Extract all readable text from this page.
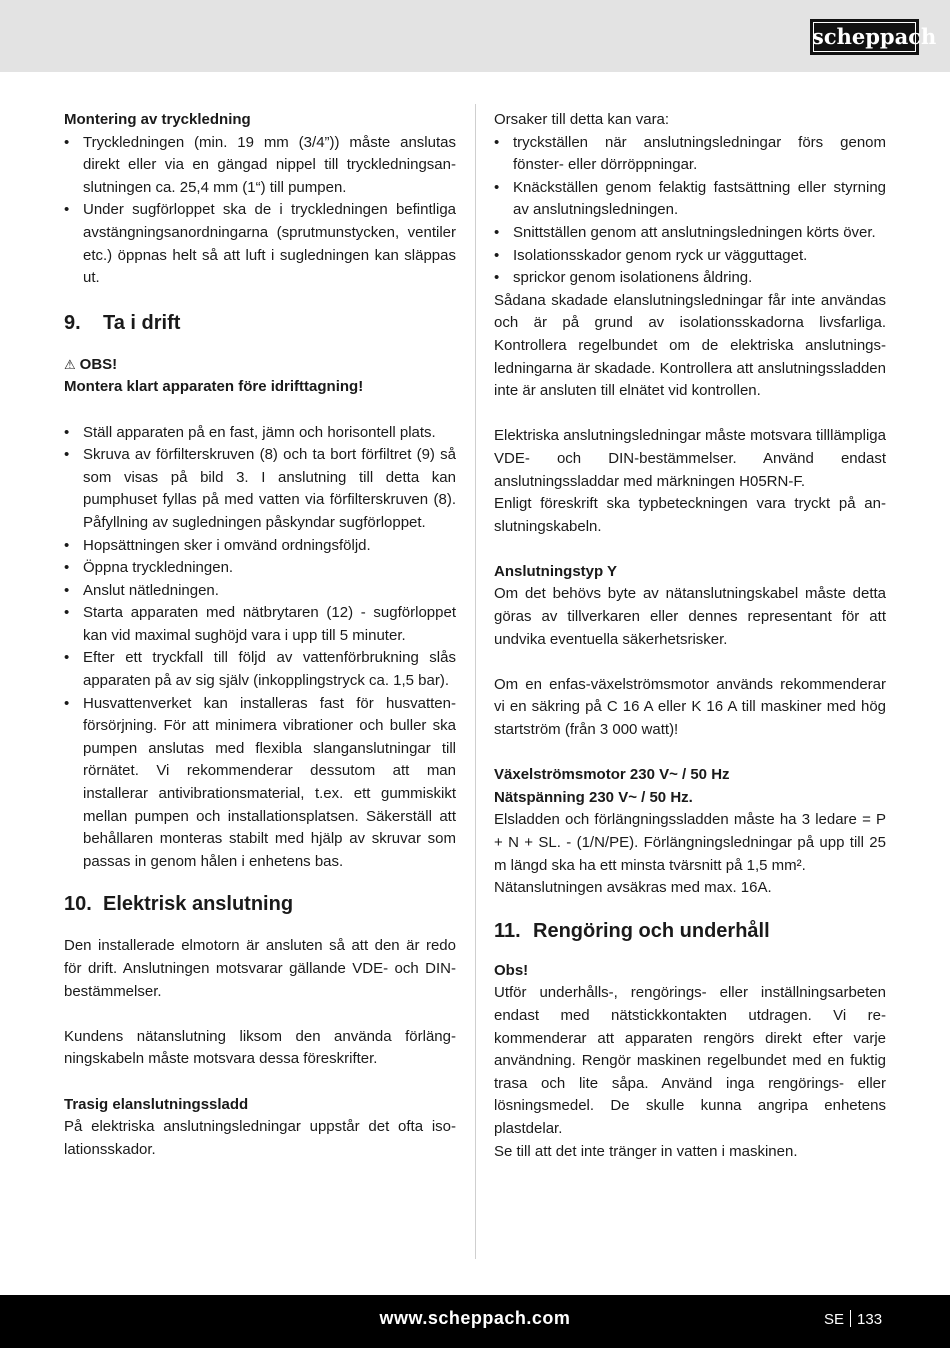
scheppach

Montering av tryckledning

• Tryckledningen (min. 19 mm (3/4”)) måste anslutas direkt eller via en gängad nippel till tryckledningsanslutningen ca. 25,4 mm (1“) till pumpen.
• Under sugförloppet ska de i tryckledningen befintliga avstängningsanordningarna (sprutmunstycken, ventiler etc.) öppnas helt så att luft i sugledningen kan släppas ut.
9.	Ta i drift

⚠ OBS!

Montera klart apparaten före idrifttagning!

• Ställ apparaten på en fast, jämn och horisontell plats.
• Skruva av förfilterskruven (8) och ta bort förfiltret (9) så som visas på bild 3. I anslutning till detta kan pumphuset fyllas på med vatten via förfilterskruven (8). Påfyllning av sugledningen påskyndar sugförloppet.
• Hopsättningen sker i omvänd ordningsföljd.
• Öppna tryckledningen.
• Anslut nätledningen.
• Starta apparaten med nätbrytaren (12) - sugförloppet kan vid maximal sughöjd vara i upp till 5 minuter.
• Efter ett tryckfall till följd av vattenförbrukning slås apparaten på av sig själv (inkopplingstryck ca. 1,5 bar).
• Husvattenverket kan installeras fast för husvattenförsörjning. För att minimera vibrationer och buller ska pumpen anslutas med flexibla slanganslutningar till rörnätet. Vi rekommenderar dessutom att man installerar antivibrationsmaterial, t.ex. ett gummiskikt mellan pumpen och installationsplatsen. Säkerställ att behållaren monteras stabilt med hjälp av skruvar som passas in genom hålen i enhetens bas.
10. Elektrisk anslutning

Den installerade elmotorn är ansluten så att den är redo för drift. Anslutningen motsvarar gällande VDE- och DIN-bestämmelser.

Kundens nätanslutning liksom den använda förlängningskabeln måste motsvara dessa föreskrifter.

Trasig elanslutningssladd

På elektriska anslutningsledningar uppstår det ofta isolationsskador.

Orsaker till detta kan vara:

• tryckställen när anslutningsledningar förs genom fönster- eller dörröppningar.
• Knäckställen genom felaktig fastsättning eller styrning av anslutningsledningen.
• Snittställen genom att anslutningsledningen körts över.
• Isolationsskador genom ryck ur vägguttaget.
• sprickor genom isolationens åldring.

Sådana skadade elanslutningsledningar får inte användas och är på grund av isolationsskadorna livsfarliga. Kontrollera regelbundet om de elektriska anslutningsledningarna är skadade. Kontrollera att anslutningssladden inte är ansluten till elnätet vid kontrollen.

Elektriska anslutningsledningar måste motsvara tilllämpliga VDE- och DIN-bestämmelser. Använd endast anslutningssladdar med märkningen H05RN-F.

Enligt föreskrift ska typbeteckningen vara tryckt på anslutningskabeln.

Anslutningstyp Y

Om det behövs byte av nätanslutningskabel måste detta göras av tillverkaren eller dennes representant för att undvika eventuella säkerhetsrisker.

Om en enfas-växelströmsmotor används rekommenderar vi en säkring på C 16 A eller K 16 A till maskiner med hög startström (från 3 000 watt)!

Växelströmsmotor 230 V~ / 50 Hz

Nätspänning 230 V~ / 50 Hz.

Elsladden och förlängningssladden måste ha 3 ledare = P + N + SL. - (1/N/PE). Förlängningsledningar på upp till 25 m längd ska ha ett minsta tvärsnitt på 1,5 mm².

Nätanslutningen avsäkras med max. 16A.

11. Rengöring och underhåll

Obs!

Utför underhålls-, rengörings- eller inställningsarbeten endast med nätstickkontakten utdragen. Vi rekommenderar att apparaten rengörs direkt efter varje användning. Rengör maskinen regelbundet med en fuktig trasa och lite såpa. Använd inga rengörings- eller lösningsmedel. De skulle kunna angripa enhetens plastdelar.

Se till att det inte tränger in vatten i maskinen.

www.scheppach.com	SE 133
